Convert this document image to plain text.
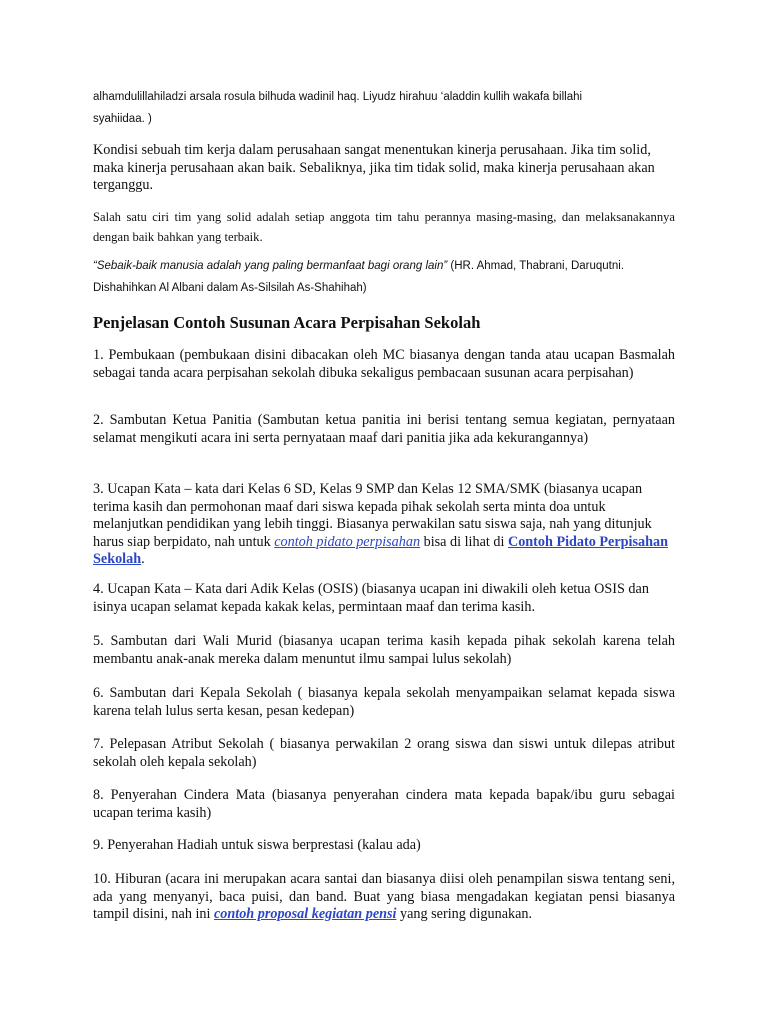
alhamdulillahiladzi arsala rosula bilhuda wadinil haq. Liyudz hirahuu ‘aladdin kullih wakafa billahi
syahiidaa. )
Kondisi sebuah tim kerja dalam perusahaan sangat menentukan kinerja perusahaan. Jika tim solid, maka kinerja perusahaan akan baik. Sebaliknya, jika tim tidak solid, maka kinerja perusahaan akan terganggu.
Salah satu ciri tim yang solid adalah setiap anggota tim tahu perannya masing-masing, dan melaksanakannya dengan baik bahkan yang terbaik.
“Sebaik-baik manusia adalah yang paling bermanfaat bagi orang lain” (HR. Ahmad, Thabrani, Daruqutni. Dishahihkan Al Albani dalam As-Silsilah As-Shahihah)
Penjelasan Contoh Susunan Acara Perpisahan Sekolah
1. Pembukaan (pembukaan disini dibacakan oleh MC biasanya dengan tanda atau ucapan Basmalah sebagai tanda acara perpisahan sekolah dibuka sekaligus pembacaan susunan acara perpisahan)
2. Sambutan Ketua Panitia (Sambutan ketua panitia ini berisi tentang semua kegiatan, pernyataan selamat mengikuti acara ini serta pernyataan maaf dari panitia jika ada kekurangannya)
3. Ucapan Kata – kata dari Kelas 6 SD, Kelas 9 SMP dan Kelas 12 SMA/SMK (biasanya ucapan terima kasih dan permohonan maaf dari siswa kepada pihak sekolah serta minta doa untuk melanjutkan pendidikan yang lebih tinggi. Biasanya perwakilan satu siswa saja, nah yang ditunjuk harus siap berpidato, nah untuk contoh pidato perpisahan bisa di lihat di Contoh Pidato Perpisahan Sekolah.
4. Ucapan Kata – Kata dari Adik Kelas (OSIS) (biasanya ucapan ini diwakili oleh ketua OSIS dan isinya ucapan selamat kepada kakak kelas, permintaan maaf dan terima kasih.
5. Sambutan dari Wali Murid (biasanya ucapan terima kasih kepada pihak sekolah karena telah membantu anak-anak mereka dalam menuntut ilmu sampai lulus sekolah)
6. Sambutan dari Kepala Sekolah ( biasanya kepala sekolah menyampaikan selamat kepada siswa karena telah lulus serta kesan, pesan kedepan)
7. Pelepasan Atribut Sekolah ( biasanya perwakilan 2 orang siswa dan siswi untuk dilepas atribut sekolah oleh kepala sekolah)
8. Penyerahan Cindera Mata (biasanya penyerahan cindera mata kepada bapak/ibu guru sebagai ucapan terima kasih)
9. Penyerahan Hadiah untuk siswa berprestasi (kalau ada)
10. Hiburan (acara ini merupakan acara santai dan biasanya diisi oleh penampilan siswa tentang seni, ada yang menyanyi, baca puisi, dan band. Buat yang biasa mengadakan kegiatan pensi biasanya tampil disini, nah ini contoh proposal kegiatan pensi yang sering digunakan.
